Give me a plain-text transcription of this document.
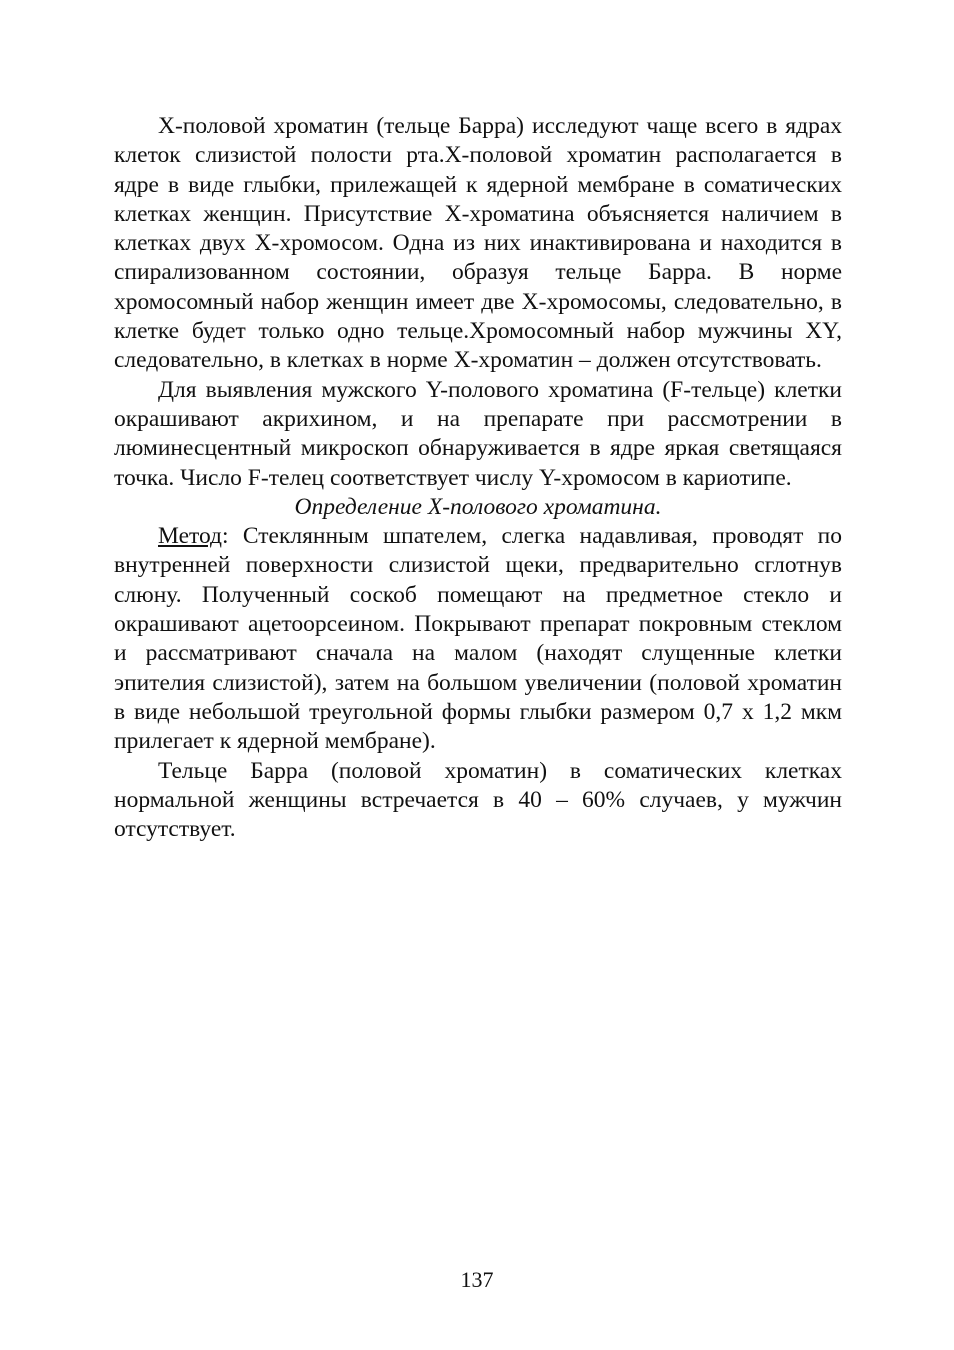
Х-половой хроматин (тельце Барра) исследуют чаще всего в ядрах клеток слизистой полости рта.Х-половой хроматин располагается в ядре в виде глыбки, прилежащей к ядерной мембране в соматических клетках женщин. Присутствие Х-хроматина объясняется наличием в клетках двух Х-хромосом. Одна из них инактивирована и находится в спирализованном состоянии, образуя тельце Барра. В норме хромосомный набор женщин имеет две Х-хромосомы, следовательно, в клетке будет только одно тельце.Хромосомный набор мужчины XY, следовательно, в клетках в норме Х-хроматин – должен отсутствовать.

Для выявления мужского Y-полового хроматина (F-тельце) клетки окрашивают акрихином, и на препарате при рассмотрении в люминесцентный микроскоп обнаруживается в ядре яркая светящаяся точка. Число F-телец соответствует числу Y-хромосом в кариотипе.

Определение Х-полового хроматина.

Метод: Стеклянным шпателем, слегка надавливая, проводят по внутренней поверхности слизистой щеки, предварительно сглотнув слюну. Полученный соскоб помещают на предметное стекло и окрашивают ацетоорсеином. Покрывают препарат покровным стеклом и рассматривают сначала на малом (находят слущенные клетки эпителия слизистой), затем на большом увеличении (половой хроматин в виде небольшой треугольной формы глыбки размером 0,7 х 1,2 мкм прилегает к ядерной мембране).

Тельце Барра (половой хроматин) в соматических клетках нормальной женщины встречается в 40 – 60% случаев, у мужчин отсутствует.

137
